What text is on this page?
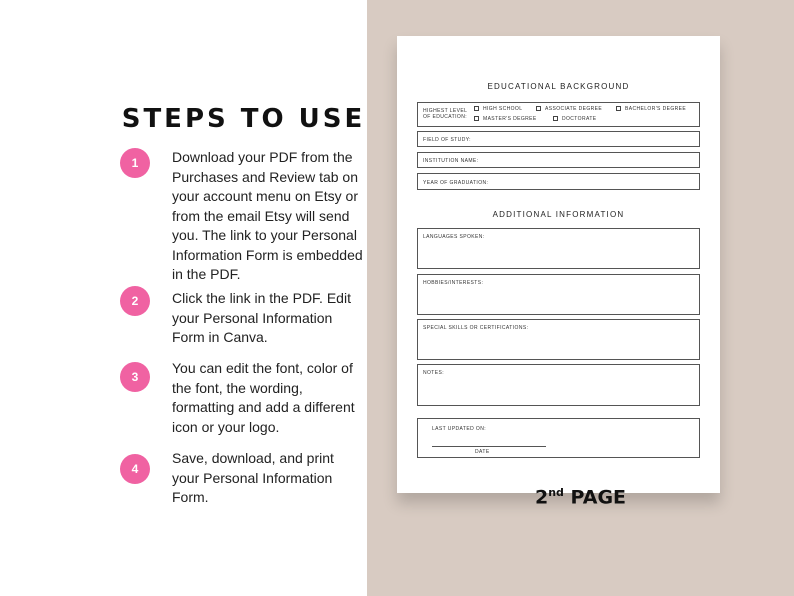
STEPS TO USE
1	Download your PDF from the Purchases and Review tab on your account menu on Etsy or from the email Etsy will send you. The link to your Personal Information Form is embedded in the PDF.
2	Click the link in the PDF. Edit your Personal Information Form in Canva.
3
You can edit the font, color of the font, the wording, formatting and add a different icon or your logo.
4
Save, download, and print your Personal Information Form.
EDUCATIONAL BACKGROUND
HIGHEST LEVEL
OF EDUCATION:
HIGH SCHOOL	ASSOCIATE DEGREE	BACHELOR'S DEGREE
MASTER'S DEGREE	DOCTORATE
FIELD OF STUDY:
INSTITUTION NAME:
YEAR OF GRADUATION:
ADDITIONAL INFORMATION
LANGUAGES SPOKEN:
HOBBIES/INTERESTS:
SPECIAL SKILLS OR CERTIFICATIONS:
NOTES:
LAST UPDATED ON:
DATE
2nd PAGE
